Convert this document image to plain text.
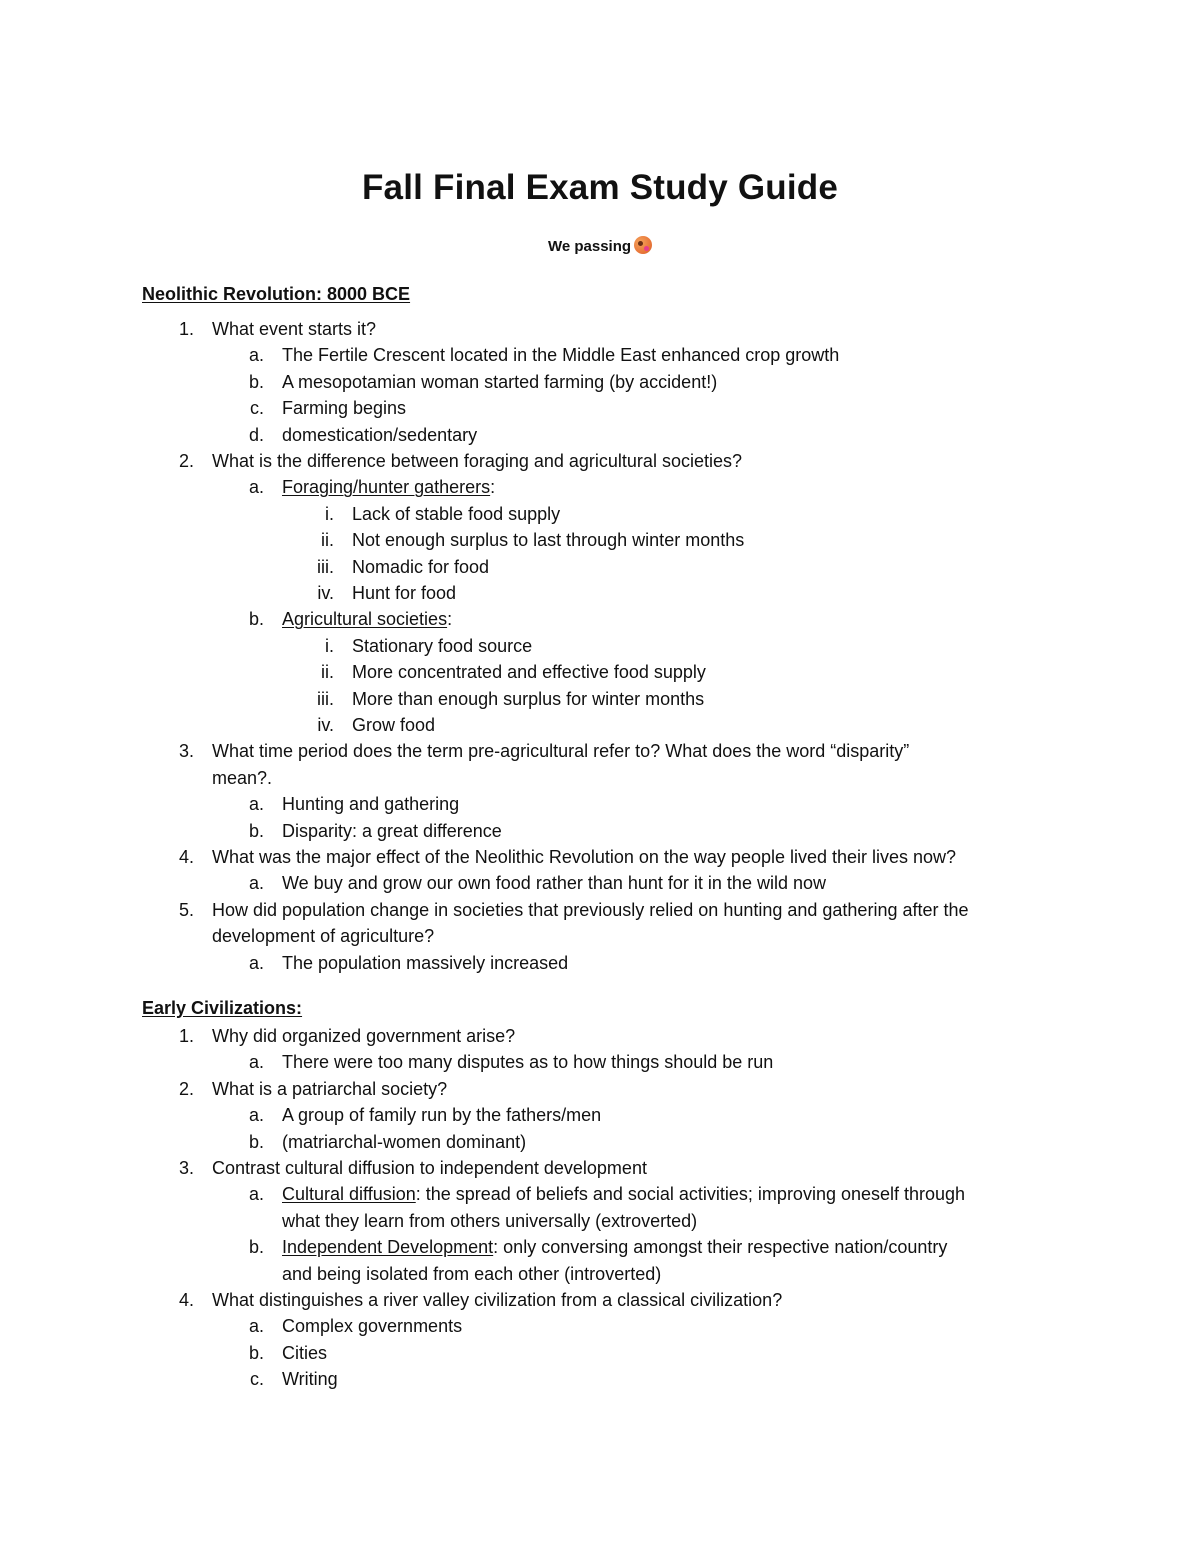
Fall Final Exam Study Guide
We passing
Neolithic Revolution: 8000 BCE
1. What event starts it?
a. The Fertile Crescent located in the Middle East enhanced crop growth
b. A mesopotamian woman started farming (by accident!)
c. Farming begins
d. domestication/sedentary
2. What is the difference between foraging and agricultural societies?
a. Foraging/hunter gatherers:
i. Lack of stable food supply
ii. Not enough surplus to last through winter months
iii. Nomadic for food
iv. Hunt for food
b. Agricultural societies:
i. Stationary food source
ii. More concentrated and effective food supply
iii. More than enough surplus for winter months
iv. Grow food
3. What time period does the term pre-agricultural refer to? What does the word “disparity”
mean?.
a. Hunting and gathering
b. Disparity: a great difference
4. What was the major effect of the Neolithic Revolution on the way people lived their lives now?
a. We buy and grow our own food rather than hunt for it in the wild now
5. How did population change in societies that previously relied on hunting and gathering after the
development of agriculture?
a. The population massively increased
Early Civilizations:
1. Why did organized government arise?
a. There were too many disputes as to how things should be run
2. What is a patriarchal society?
a. A group of family run by the fathers/men
b. (matriarchal-women dominant)
3. Contrast cultural diffusion to independent development
a. Cultural diffusion: the spread of beliefs and social activities; improving oneself through
what they learn from others universally (extroverted)
b. Independent Development: only conversing amongst their respective nation/country
and being isolated from each other (introverted)
4. What distinguishes a river valley civilization from a classical civilization?
a. Complex governments
b. Cities
c. Writing
